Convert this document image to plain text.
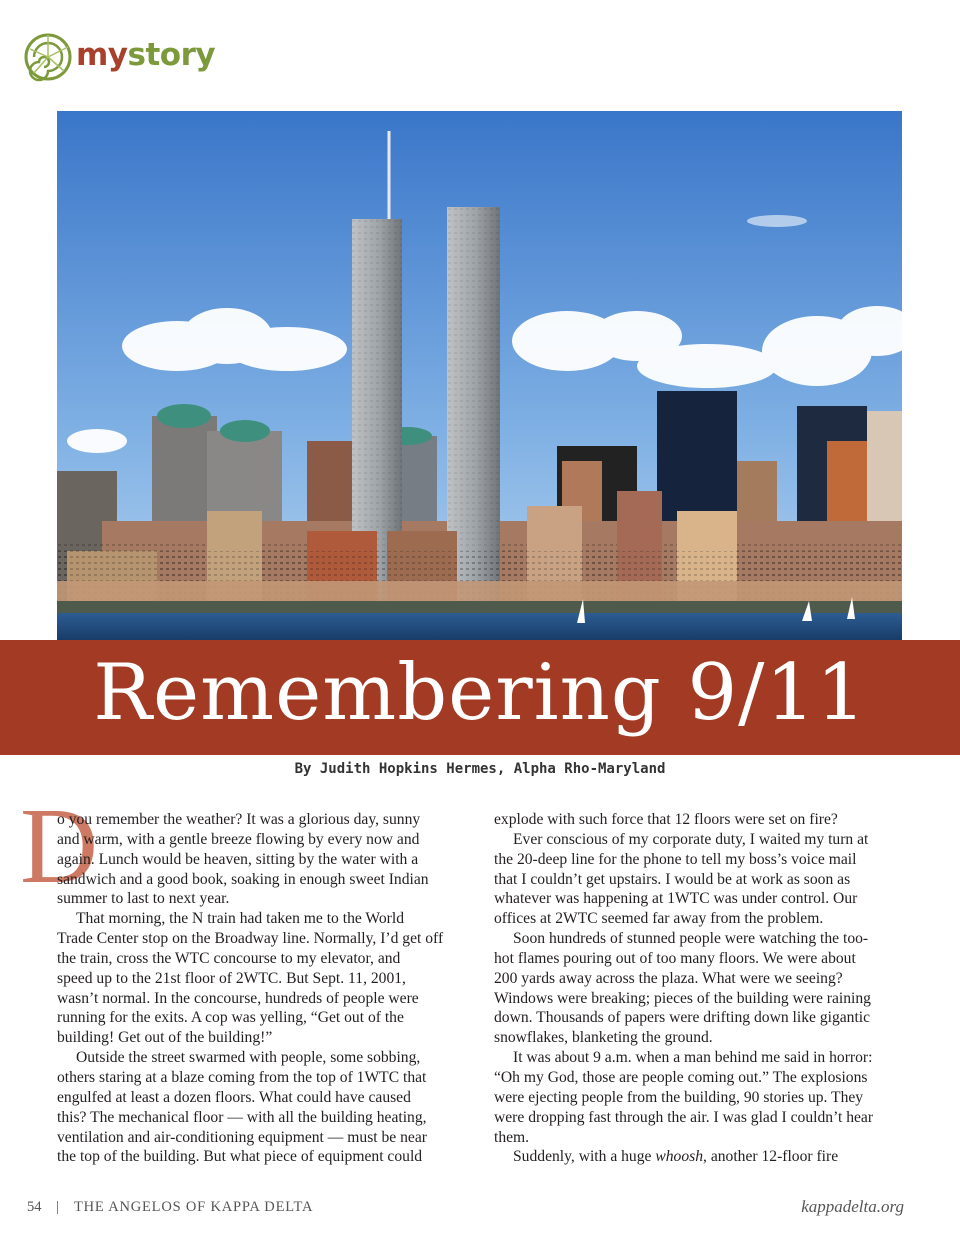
mystory
Remembering 9/11
By Judith Hopkins Hermes, Alpha Rho-Maryland
D

o you remember the weather? It was a glorious day, sunny
and warm, with a gentle breeze flowing by every now and
again. Lunch would be heaven, sitting by the water with a
sandwich and a good book, soaking in enough sweet Indian
summer to last to next year.

That morning, the N train had taken me to the World
Trade Center stop on the Broadway line. Normally, I’d get off
the train, cross the WTC concourse to my elevator, and
speed up to the 21st floor of 2WTC. But Sept. 11, 2001,
wasn’t normal. In the concourse, hundreds of people were
running for the exits. A cop was yelling, “Get out of the
building! Get out of the building!”

Outside the street swarmed with people, some sobbing,
others staring at a blaze coming from the top of 1WTC that
engulfed at least a dozen floors. What could have caused
this? The mechanical floor — with all the building heating,
ventilation and air-conditioning equipment — must be near
the top of the building. But what piece of equipment could

explode with such force that 12 floors were set on fire?

Ever conscious of my corporate duty, I waited my turn at
the 20-deep line for the phone to tell my boss’s voice mail
that I couldn’t get upstairs. I would be at work as soon as
whatever was happening at 1WTC was under control. Our
offices at 2WTC seemed far away from the problem.

Soon hundreds of stunned people were watching the too-
hot flames pouring out of too many floors. We were about
200 yards away across the plaza. What were we seeing?
Windows were breaking; pieces of the building were raining
down. Thousands of papers were drifting down like gigantic
snowflakes, blanketing the ground.

It was about 9 a.m. when a man behind me said in horror:
“Oh my God, those are people coming out.” The explosions
were ejecting people from the building, 90 stories up. They
were dropping fast through the air. I was glad I couldn’t hear
them.

Suddenly, with a huge whoosh, another 12-floor fire

54 | THE ANGELOS OF KAPPA DELTA	kappadelta.org
